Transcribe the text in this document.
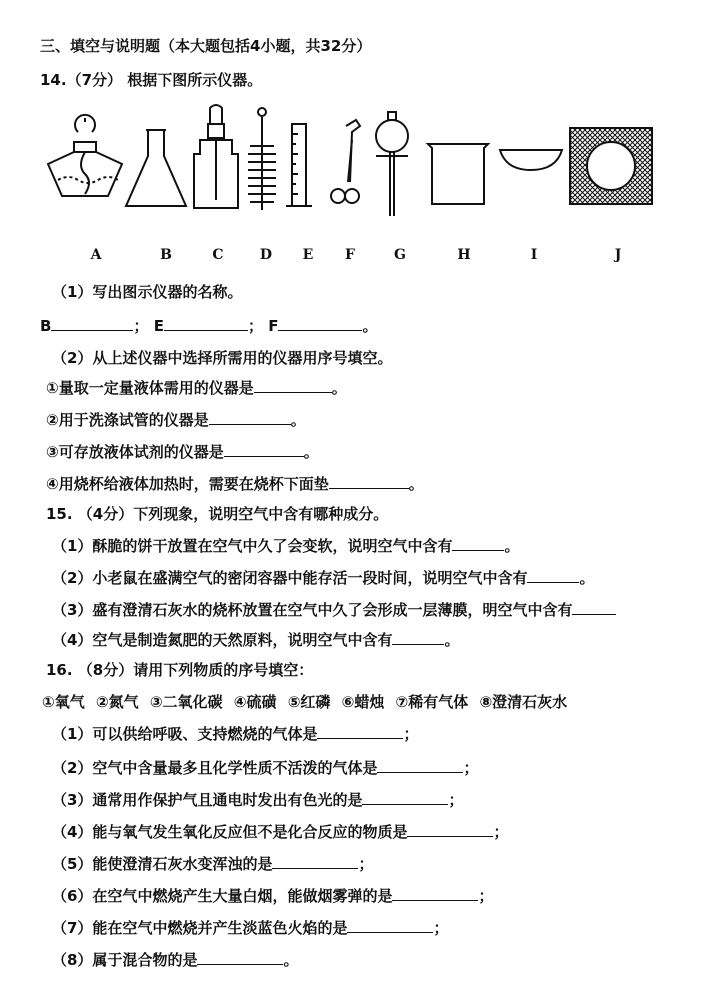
三、填空与说明题（本大题包括4小题，共32分）
14.（7分） 根据下图所示仪器。
A	B	C	D	E	F	G	H	I	J
（1）写出图示仪器的名称。
B	； E	； F	。
（2）从上述仪器中选择所需用的仪器用序号填空。
①量取一定量液体需用的仪器是	。
②用于洗涤试管的仪器是	。
③可存放液体试剂的仪器是	。
④用烧杯给液体加热时，需要在烧杯下面垫	。
15. （4分）下列现象，说明空气中含有哪种成分。
（1）酥脆的饼干放置在空气中久了会变软，说明空气中含有	。
（2）小老鼠在盛满空气的密闭容器中能存活一段时间，说明空气中含有	。
（3）盛有澄清石灰水的烧杯放置在空气中久了会形成一层薄膜，明空气中含有
（4）空气是制造氮肥的天然原料，说明空气中含有	。
16. （8分）请用下列物质的序号填空：
①氧气 ②氮气 ③二氧化碳 ④硫磺 ⑤红磷 ⑥蜡烛 ⑦稀有气体 ⑧澄清石灰水
（1）可以供给呼吸、支持燃烧的气体是	；
（2）空气中含量最多且化学性质不活泼的气体是	；
（3）通常用作保护气且通电时发出有色光的是	；
（4）能与氧气发生氧化反应但不是化合反应的物质是	；
（5）能使澄清石灰水变浑浊的是	；
（6）在空气中燃烧产生大量白烟，能做烟雾弹的是	；
（7）能在空气中燃烧并产生淡蓝色火焰的是	；
（8）属于混合物的是	。
